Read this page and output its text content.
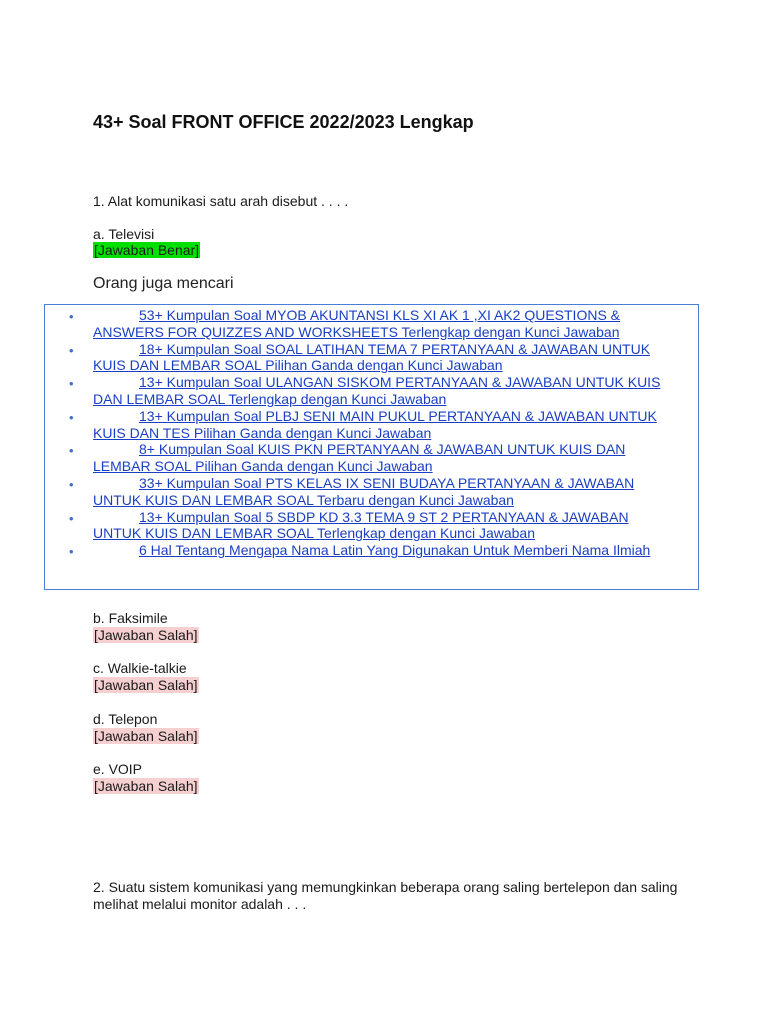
43+ Soal FRONT OFFICE 2022/2023 Lengkap
1. Alat komunikasi satu arah disebut . . . .
a. Televisi
[Jawaban Benar]
Orang juga mencari
•	53+ Kumpulan Soal MYOB AKUNTANSI KLS XI AK 1 ,XI AK2 QUESTIONS & ANSWERS FOR QUIZZES AND WORKSHEETS Terlengkap dengan Kunci Jawaban
•	18+ Kumpulan Soal SOAL LATIHAN TEMA 7 PERTANYAAN & JAWABAN UNTUK KUIS DAN LEMBAR SOAL Pilihan Ganda dengan Kunci Jawaban
•	13+ Kumpulan Soal ULANGAN SISKOM PERTANYAAN & JAWABAN UNTUK KUIS DAN LEMBAR SOAL Terlengkap dengan Kunci Jawaban
•	13+ Kumpulan Soal PLBJ SENI MAIN PUKUL PERTANYAAN & JAWABAN UNTUK KUIS DAN TES Pilihan Ganda dengan Kunci Jawaban
•	8+ Kumpulan Soal KUIS PKN PERTANYAAN & JAWABAN UNTUK KUIS DAN LEMBAR SOAL Pilihan Ganda dengan Kunci Jawaban
•	33+ Kumpulan Soal PTS KELAS IX SENI BUDAYA PERTANYAAN & JAWABAN UNTUK KUIS DAN LEMBAR SOAL Terbaru dengan Kunci Jawaban
•	13+ Kumpulan Soal 5 SBDP KD 3.3 TEMA 9 ST 2 PERTANYAAN & JAWABAN UNTUK KUIS DAN LEMBAR SOAL Terlengkap dengan Kunci Jawaban
•	6 Hal Tentang Mengapa Nama Latin Yang Digunakan Untuk Memberi Nama Ilmiah
b. Faksimile
[Jawaban Salah]
c. Walkie-talkie
[Jawaban Salah]
d. Telepon
[Jawaban Salah]
e. VOIP
[Jawaban Salah]
2. Suatu sistem komunikasi yang memungkinkan beberapa orang saling bertelepon dan saling melihat melalui monitor adalah . . .
